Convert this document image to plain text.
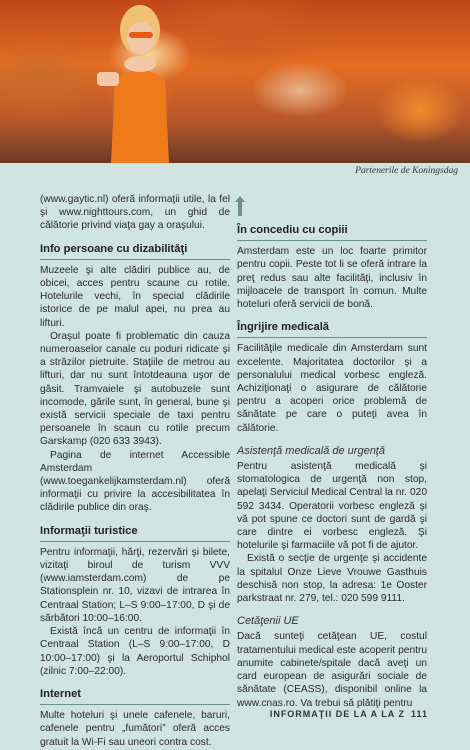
Partenerile de Koningsdag

(www.gaytic.nl) oferă informaţii utile, la fel şi www.nighttours.com, un ghid de călătorie privind viaţa gay a oraşului.

Info persoane cu dizabilităţi

Muzeele şi alte clădiri publice au, de obicei, acces pentru scaune cu rotile. Hotelurile vechi, în special clădirile istorice de pe malul apei, nu prea au lifturi.

Oraşul poate fi problematic din cauza numeroaselor canale cu poduri ridicate şi a străzilor pietruite. Staţiile de metrou au lifturi, dar nu sunt întotdeauna uşor de găsit. Tramvaiele şi autobuzele sunt incomode, gările sunt, în general, bune şi există servicii speciale de taxi pentru persoanele în scaun cu rotile precum Garskamp (020 633 3943).

Pagina de internet Accessible Amsterdam (www.toegankelijkamsterdam.nl) oferă informaţii cu privire la accesibilitatea în clădirile publice din oraş.

Informaţii turistice

Pentru informaţii, hărţi, rezervări şi bilete, vizitaţi biroul de turism VVV (www.iamsterdam.com) de pe Stationsplein nr. 10, vizavi de intrarea în Centraal Station; L–S 9:00–17:00, D şi de sărbători 10:00–16:00.

Există încă un centru de informaţii în Centraal Station (L–S 9:00–17:00, D 10:00–17:00) şi la Aeroportul Schiphol (zilnic 7:00–22:00).

Internet

Multe hoteluri şi unele cafenele, baruri, cafenele pentru „fumători” oferă acces gratuit la Wi-Fi sau uneori contra cost.

În concediu cu copiii

Amsterdam este un loc foarte primitor pentru copii. Peste tot li se oferă intrare la preţ redus sau alte facilităţi, inclusiv în mijloacele de transport în comun. Multe hoteluri oferă servicii de bonă.

Îngrijire medicală

Facilităţile medicale din Amsterdam sunt excelente. Majoritatea doctorilor şi a personalului medical vorbesc engleză. Achiziţionaţi o asigurare de călătorie pentru a acoperi orice problemă de sănătate pe care o puteţi avea în călătorie.

Asistenţă medicală de urgenţă

Pentru asistenţă medicală şi stomatologica de urgenţă non stop, apelaţi Serviciul Medical Central la nr. 020 592 3434. Operatorii vorbesc engleză şi vă pot spune ce doctori sunt de gardă şi care dintre ei vorbesc engleză. Şi hotelurile şi farmaciile vă pot fi de ajutor.

Există o secţie de urgenţe şi accidente la spitalul Onze Lieve Vrouwe Gasthuis deschisă non stop, la adresa: 1e Ooster parkstraat nr. 279, tel.: 020 599 9111.

Cetăţenii UE

Dacă sunteţi cetăţean UE, costul tratamentului medical este acoperit pentru anumite cabinete/spitale dacă aveţi un card european de asigurări sociale de sănătate (CEASS), disponibil online la www.cnas.ro. Va trebui să plătiţi pentru

INFORMAŢII DE LA A LA Z 111
